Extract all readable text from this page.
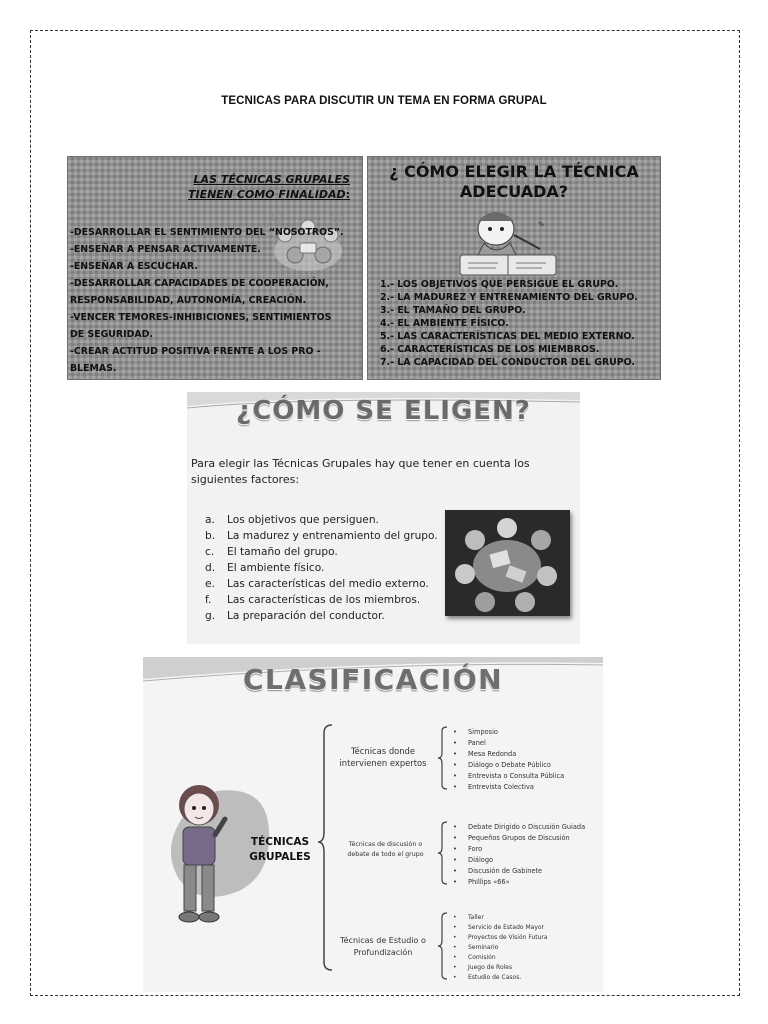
TECNICAS PARA DISCUTIR UN TEMA EN FORMA GRUPAL
LAS TÉCNICAS GRUPALES
TIENEN COMO FINALIDAD:
-DESARROLLAR EL SENTIMIENTO DEL “NOSOTROS”.
-ENSEÑAR A PENSAR ACTIVAMENTE.
-ENSEÑAR A ESCUCHAR.
-DESARROLLAR CAPACIDADES DE COOPERACIÓN,
RESPONSABILIDAD, AUTONOMÍA, CREACIÓN.
-VENCER TEMORES-INHIBICIONES, SENTIMIENTOS
DE SEGURIDAD.
-CREAR ACTITUD POSITIVA FRENTE A LOS PRO -
BLEMAS.
¿ CÓMO ELEGIR LA TÉCNICA
ADECUADA?
✎
1.- LOS OBJETIVOS QUE PERSIGUE EL GRUPO.
2.- LA MADUREZ Y ENTRENAMIENTO DEL GRUPO.
3.- EL TAMAÑO DEL GRUPO.
4.- EL AMBIENTE FÍSICO.
5.- LAS CARACTERÍSTICAS DEL MEDIO EXTERNO.
6.- CARACTERÍSTICAS DE LOS MIEMBROS.
7.- LA CAPACIDAD DEL CONDUCTOR DEL GRUPO.
¿CÓMO SE ELIGEN?
Para elegir las Técnicas Grupales hay que tener en cuenta los siguientes factores:
a. Los objetivos que persiguen.
b. La madurez y entrenamiento del grupo.
c. El tamaño del grupo.
d. El ambiente físico.
e. Las características del medio externo.
f. Las características de los miembros.
g. La preparación del conductor.
CLASIFICACIÓN
TÉCNICAS
GRUPALES
Técnicas donde
intervienen expertos
Técnicas de discusión o
debate de todo el grupo
Técnicas de Estudio o
Profundización
• Simposio
• Panel
• Mesa Redonda
• Diálogo o Debate Público
• Entrevista o Consulta Pública
• Entrevista Colectiva
• Debate Dirigido o Discusión Guiada
• Pequeños Grupos de Discusión
• Foro
• Diálogo
• Discusión de Gabinete
• Phillips «66»
• Taller
• Servicio de Estado Mayor
• Proyectos de Visión Futura
• Seminario
• Comisión
• Juego de Roles
• Estudio de Casos.
